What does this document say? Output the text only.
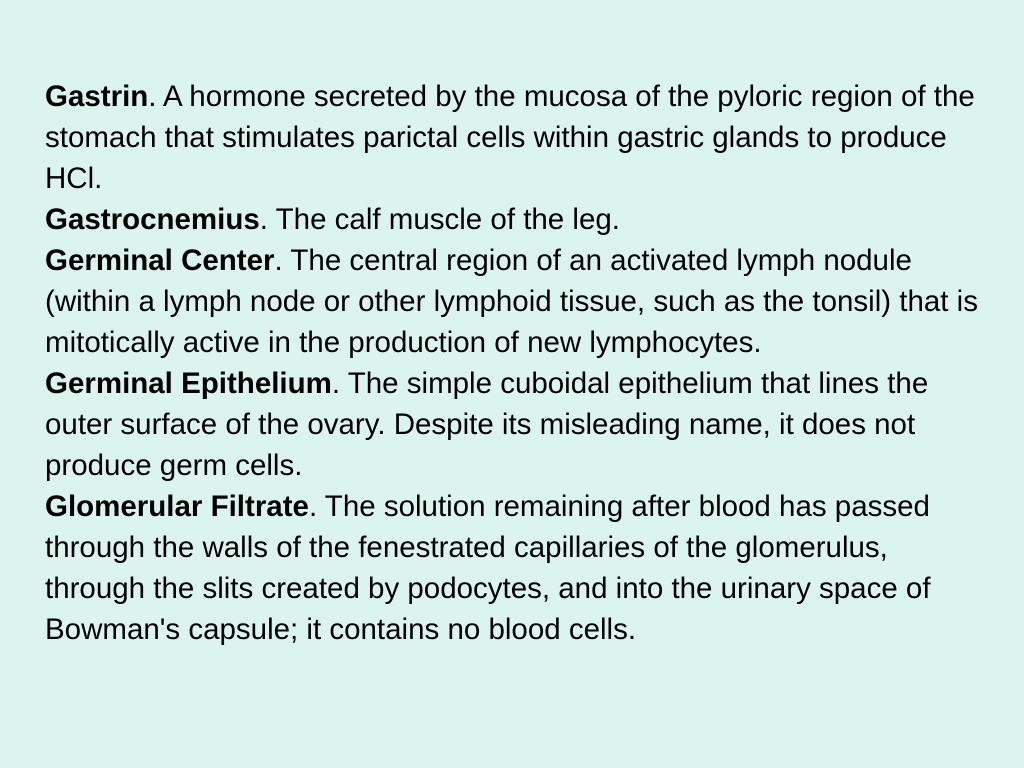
Gastrin. A hormone secreted by the mucosa of the pyloric region of the stomach that stimulates parictal cells within gastric glands to produce HCl.

Gastrocnemius. The calf muscle of the leg.

Germinal Center. The central region of an activated lymph nodule (within a lymph node or other lymphoid tissue, such as the tonsil) that is mitotically active in the production of new lymphocytes.

Germinal Epithelium. The simple cuboidal epithelium that lines the outer surface of the ovary. Despite its misleading name, it does not produce germ cells.

Glomerular Filtrate. The solution remaining after blood has passed through the walls of the fenestrated capillaries of the glomerulus, through the slits created by podocytes, and into the urinary space of Bowman's capsule; it contains no blood cells.
